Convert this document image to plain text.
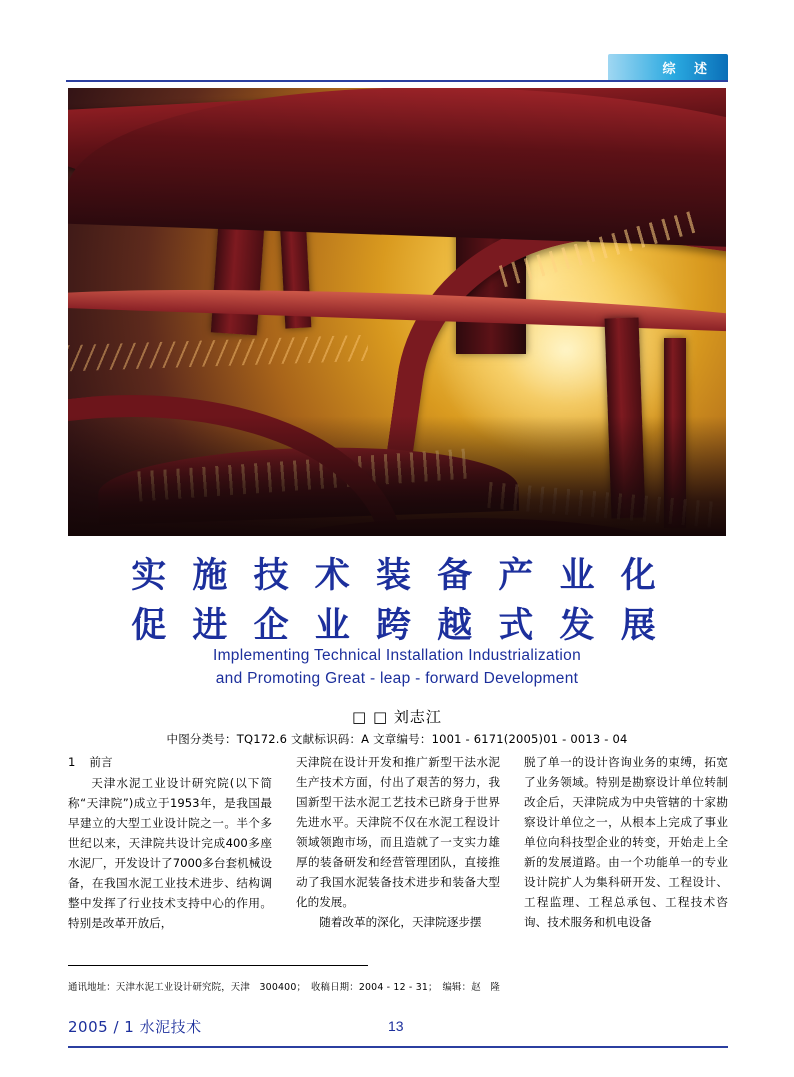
综 述
实 施 技 术 装 备 产 业 化
促 进 企 业 跨 越 式 发 展
Implementing Technical Installation Industrialization
and Promoting Great - leap - forward Development
□ □ 刘志江
中图分类号：TQ172.6 文献标识码：A 文章编号：1001 - 6171(2005)01 - 0013 - 04
1 前言

天津水泥工业设计研究院(以下简称“天津院”)成立于1953年，是我国最早建立的大型工业设计院之一。半个多世纪以来，天津院共设计完成400多座水泥厂，开发设计了7000多台套机械设备，在我国水泥工业技术进步、结构调整中发挥了行业技术支持中心的作用。特别是改革开放后，

天津院在设计开发和推广新型干法水泥生产技术方面，付出了艰苦的努力，我国新型干法水泥工艺技术已跻身于世界先进水平。天津院不仅在水泥工程设计领域领跑市场，而且造就了一支实力雄厚的装备研发和经营管理团队，直接推动了我国水泥装备技术进步和装备大型化的发展。

随着改革的深化，天津院逐步摆

脱了单一的设计咨询业务的束缚，拓宽了业务领域。特别是勘察设计单位转制改企后，天津院成为中央管辖的十家勘察设计单位之一，从根本上完成了事业单位向科技型企业的转变，开始走上全新的发展道路。由一个功能单一的专业设计院扩人为集科研开发、工程设计、工程监理、工程总承包、工程技术咨询、技术服务和机电设备

通讯地址：天津水泥工业设计研究院，天津　300400；　收稿日期：2004 - 12 - 31；　编辑：赵　隆
2005 / 1 水泥技术	13
